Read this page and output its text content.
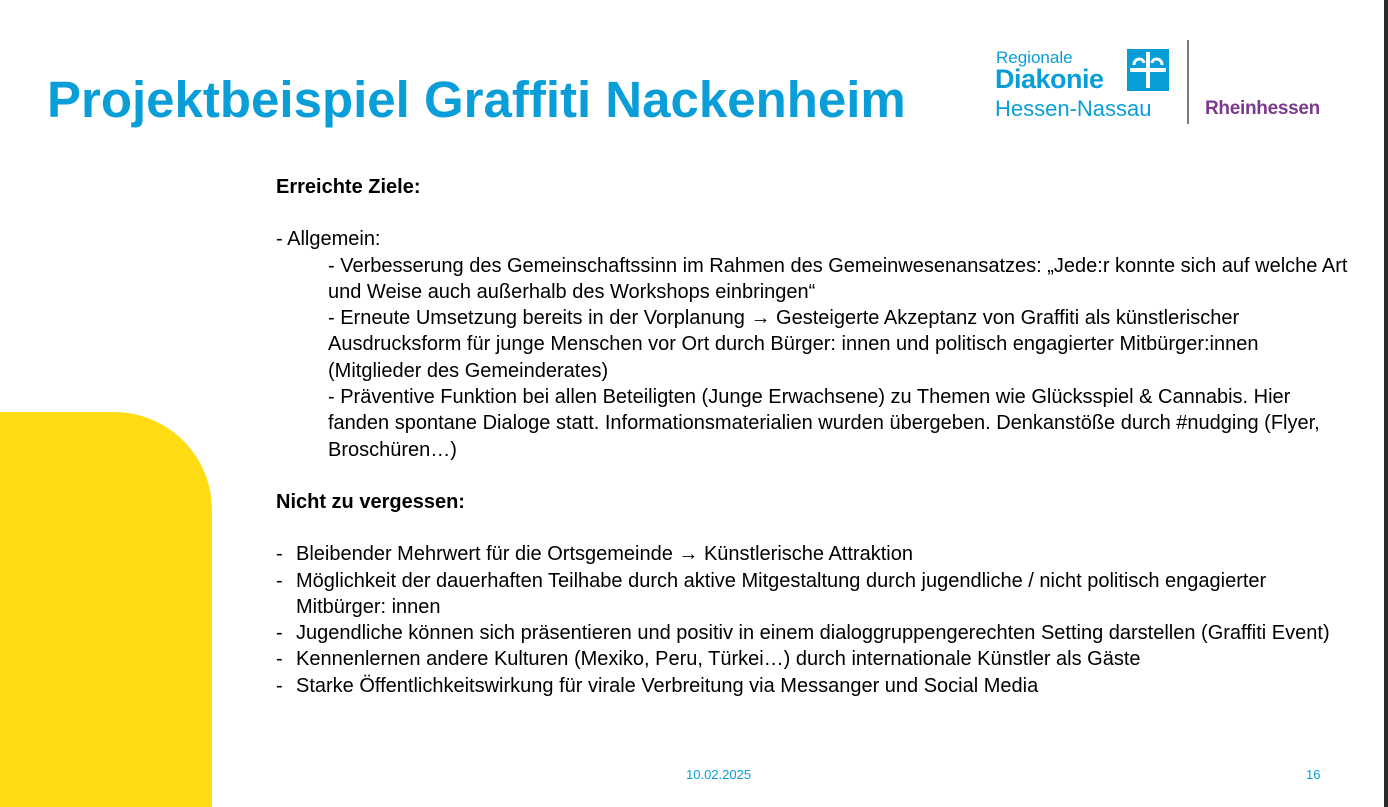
Projektbeispiel Graffiti Nackenheim
Regionale
Diakonie
Hessen-Nassau	Rheinhessen

Erreichte Ziele:

- Allgemein:

- Verbesserung des Gemeinschaftssinn im Rahmen des Gemeinwesenansatzes: „Jede:r konnte sich auf welche Art und Weise auch außerhalb des Workshops einbringen“

- Erneute Umsetzung bereits in der Vorplanung → Gesteigerte Akzeptanz von Graffiti als künstlerischer Ausdrucksform für junge Menschen vor Ort durch Bürger: innen und politisch engagierter Mitbürger:innen (Mitglieder des Gemeinderates)

- Präventive Funktion bei allen Beteiligten (Junge Erwachsene) zu Themen wie Glücksspiel & Cannabis. Hier fanden spontane Dialoge statt. Informationsmaterialien wurden übergeben. Denkanstöße durch #nudging (Flyer, Broschüren…)

Nicht zu vergessen:

- Bleibender Mehrwert für die Ortsgemeinde → Künstlerische Attraktion
- Möglichkeit der dauerhaften Teilhabe durch aktive Mitgestaltung durch jugendliche / nicht politisch engagierter Mitbürger: innen
- Jugendliche können sich präsentieren und positiv in einem dialoggruppengerechten Setting darstellen (Graffiti Event)
- Kennenlernen andere Kulturen (Mexiko, Peru, Türkei…) durch internationale Künstler als Gäste
- Starke Öffentlichkeitswirkung für virale Verbreitung via Messanger und Social Media
10.02.2025	16
